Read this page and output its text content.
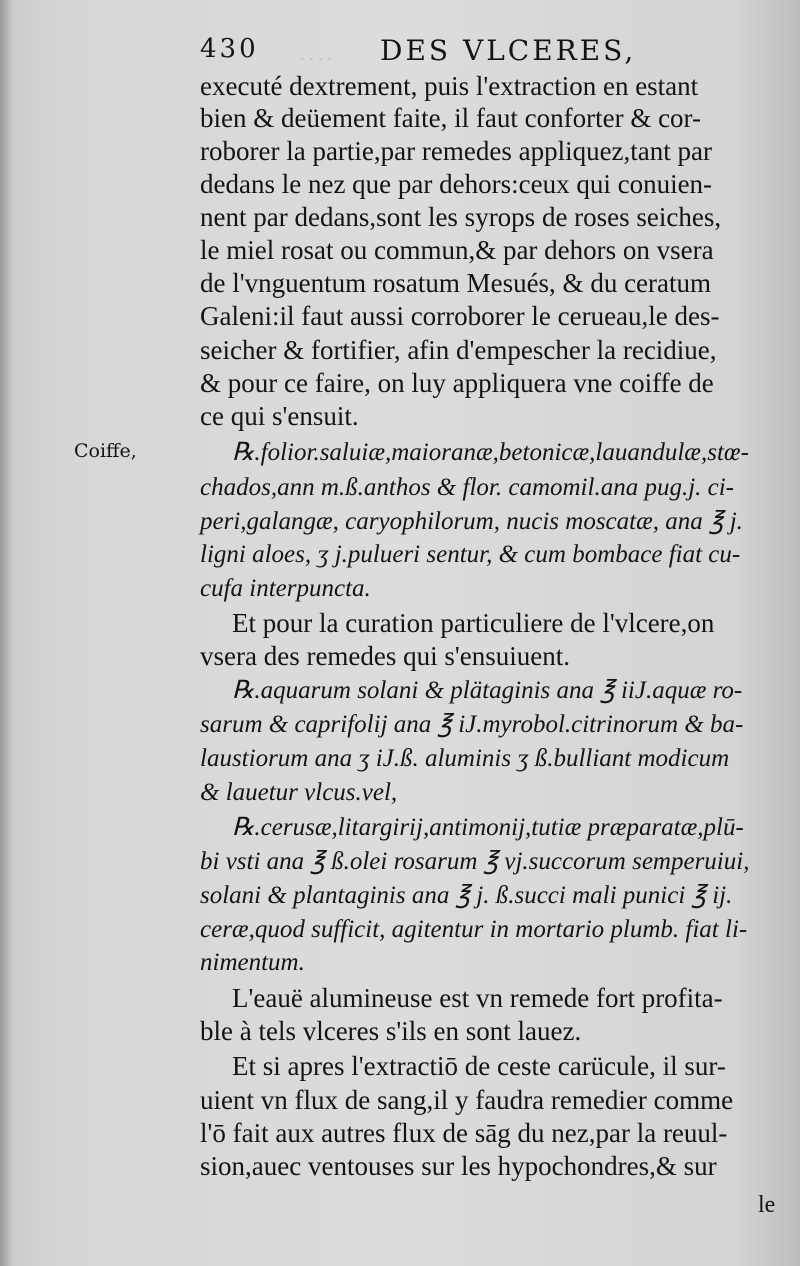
. . . .
430	DES VLCERES,
Coiffe,
executé dextrement, puis l'extraction en estant
bien & deüement faite, il faut conforter & cor-
roborer la partie,par remedes appliquez,tant par
dedans le nez que par dehors:ceux qui conuien-
nent par dedans,sont les syrops de roses seiches,
le miel rosat ou commun,& par dehors on vsera
de l'vnguentum rosatum Mesués, & du ceratum
Galeni:il faut aussi corroborer le cerueau,le des-
seicher & fortifier, afin d'empescher la recidiue,
& pour ce faire, on luy appliquera vne coiffe de
ce qui s'ensuit.
℞.folior.saluiæ,maioranæ,betonicæ,lauandulæ,stœ-
chados,ann m.ß.anthos & flor. camomil.ana pug.j. ci-
peri,galangæ, caryophilorum, nucis moscatæ, ana ℥ j.
ligni aloes, ʒ j.pulueri sentur, & cum bombace fiat cu-
cufa interpuncta.
Et pour la curation particuliere de l'vlcere,on
vsera des remedes qui s'ensuiuent.
℞.aquarum solani & plätaginis ana ℥ iiJ.aquæ ro-
sarum & caprifolij ana ℥ iJ.myrobol.citrinorum & ba-
laustiorum ana ʒ iJ.ß. aluminis ʒ ß.bulliant modicum
& lauetur vlcus.vel,
℞.cerusæ,litargirij,antimonij,tutiæ præparatæ,plū-
bi vsti ana ℥ ß.olei rosarum ℥ vj.succorum semperuiui,
solani & plantaginis ana ℥ j. ß.succi mali punici ℥ ij.
ceræ,quod sufficit, agitentur in mortario plumb. fiat li-
nimentum.
L'eauë alumineuse est vn remede fort profita-
ble à tels vlceres s'ils en sont lauez.
Et si apres l'extractiō de ceste carücule, il sur-
uient vn flux de sang,il y faudra remedier comme
l'ō fait aux autres flux de sāg du nez,par la reuul-
sion,auec ventouses sur les hypochondres,& sur
le
